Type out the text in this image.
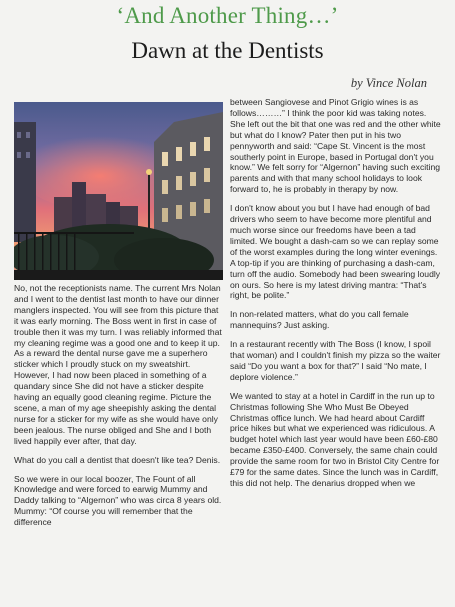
‘And Another Thing…’
Dawn at the Dentists
by Vince Nolan

No, not the receptionists name. The current Mrs Nolan and I went to the dentist last month to have our dinner manglers inspected. You will see from this picture that it was early morning. The Boss went in first in case of trouble then it was my turn. I was reliably informed that my cleaning regime was a good one and to keep it up. As a reward the dental nurse gave me a superhero sticker which I proudly stuck on my sweatshirt. However, I had now been placed in something of a quandary since She did not have a sticker despite having an equally good cleaning regime. Picture the scene, a man of my age sheepishly asking the dental nurse for a sticker for my wife as she would have only been jealous. The nurse obliged and She and I both lived happily ever after, that day.

What do you call a dentist that doesn't like tea? Denis.

So we were in our local boozer, The Fount of all Knowledge and were forced to earwig Mummy and Daddy talking to “Algernon” who was circa 8 years old. Mummy: “Of course you will remember that the difference

between Sangiovese and Pinot Grigio wines is as follows………” I think the poor kid was taking notes. She left out the bit that one was red and the other white but what do I know? Pater then put in his two pennyworth and said: “Cape St. Vincent is the most southerly point in Europe, based in Portugal don't you know.” We felt sorry for “Algernon” having such exciting parents and with that many school holidays to look forward to, he is probably in therapy by now.

I don't know about you but I have had enough of bad drivers who seem to have become more plentiful and much worse since our freedoms have been a tad limited. We bought a dash-cam so we can replay some of the worst examples during the long winter evenings. A top-tip if you are thinking of purchasing a dash-cam, turn off the audio. Somebody had been swearing loudly on ours. So here is my latest driving mantra: “That's right, be polite.”

In non-related matters, what do you call female mannequins? Just asking.

In a restaurant recently with The Boss (I know, I spoil that woman) and I couldn't finish my pizza so the waiter said “Do you want a box for that?” I said “No mate, I deplore violence.”

We wanted to stay at a hotel in Cardiff in the run up to Christmas following She Who Must Be Obeyed Christmas office lunch. We had heard about Cardiff price hikes but what we experienced was ridiculous. A budget hotel which last year would have been £60-£80 became £350-£400. Conversely, the same chain could provide the same room for two in Bristol City Centre for £79 for the same dates. Since the lunch was in Cardiff, this did not help. The denarius dropped when we
